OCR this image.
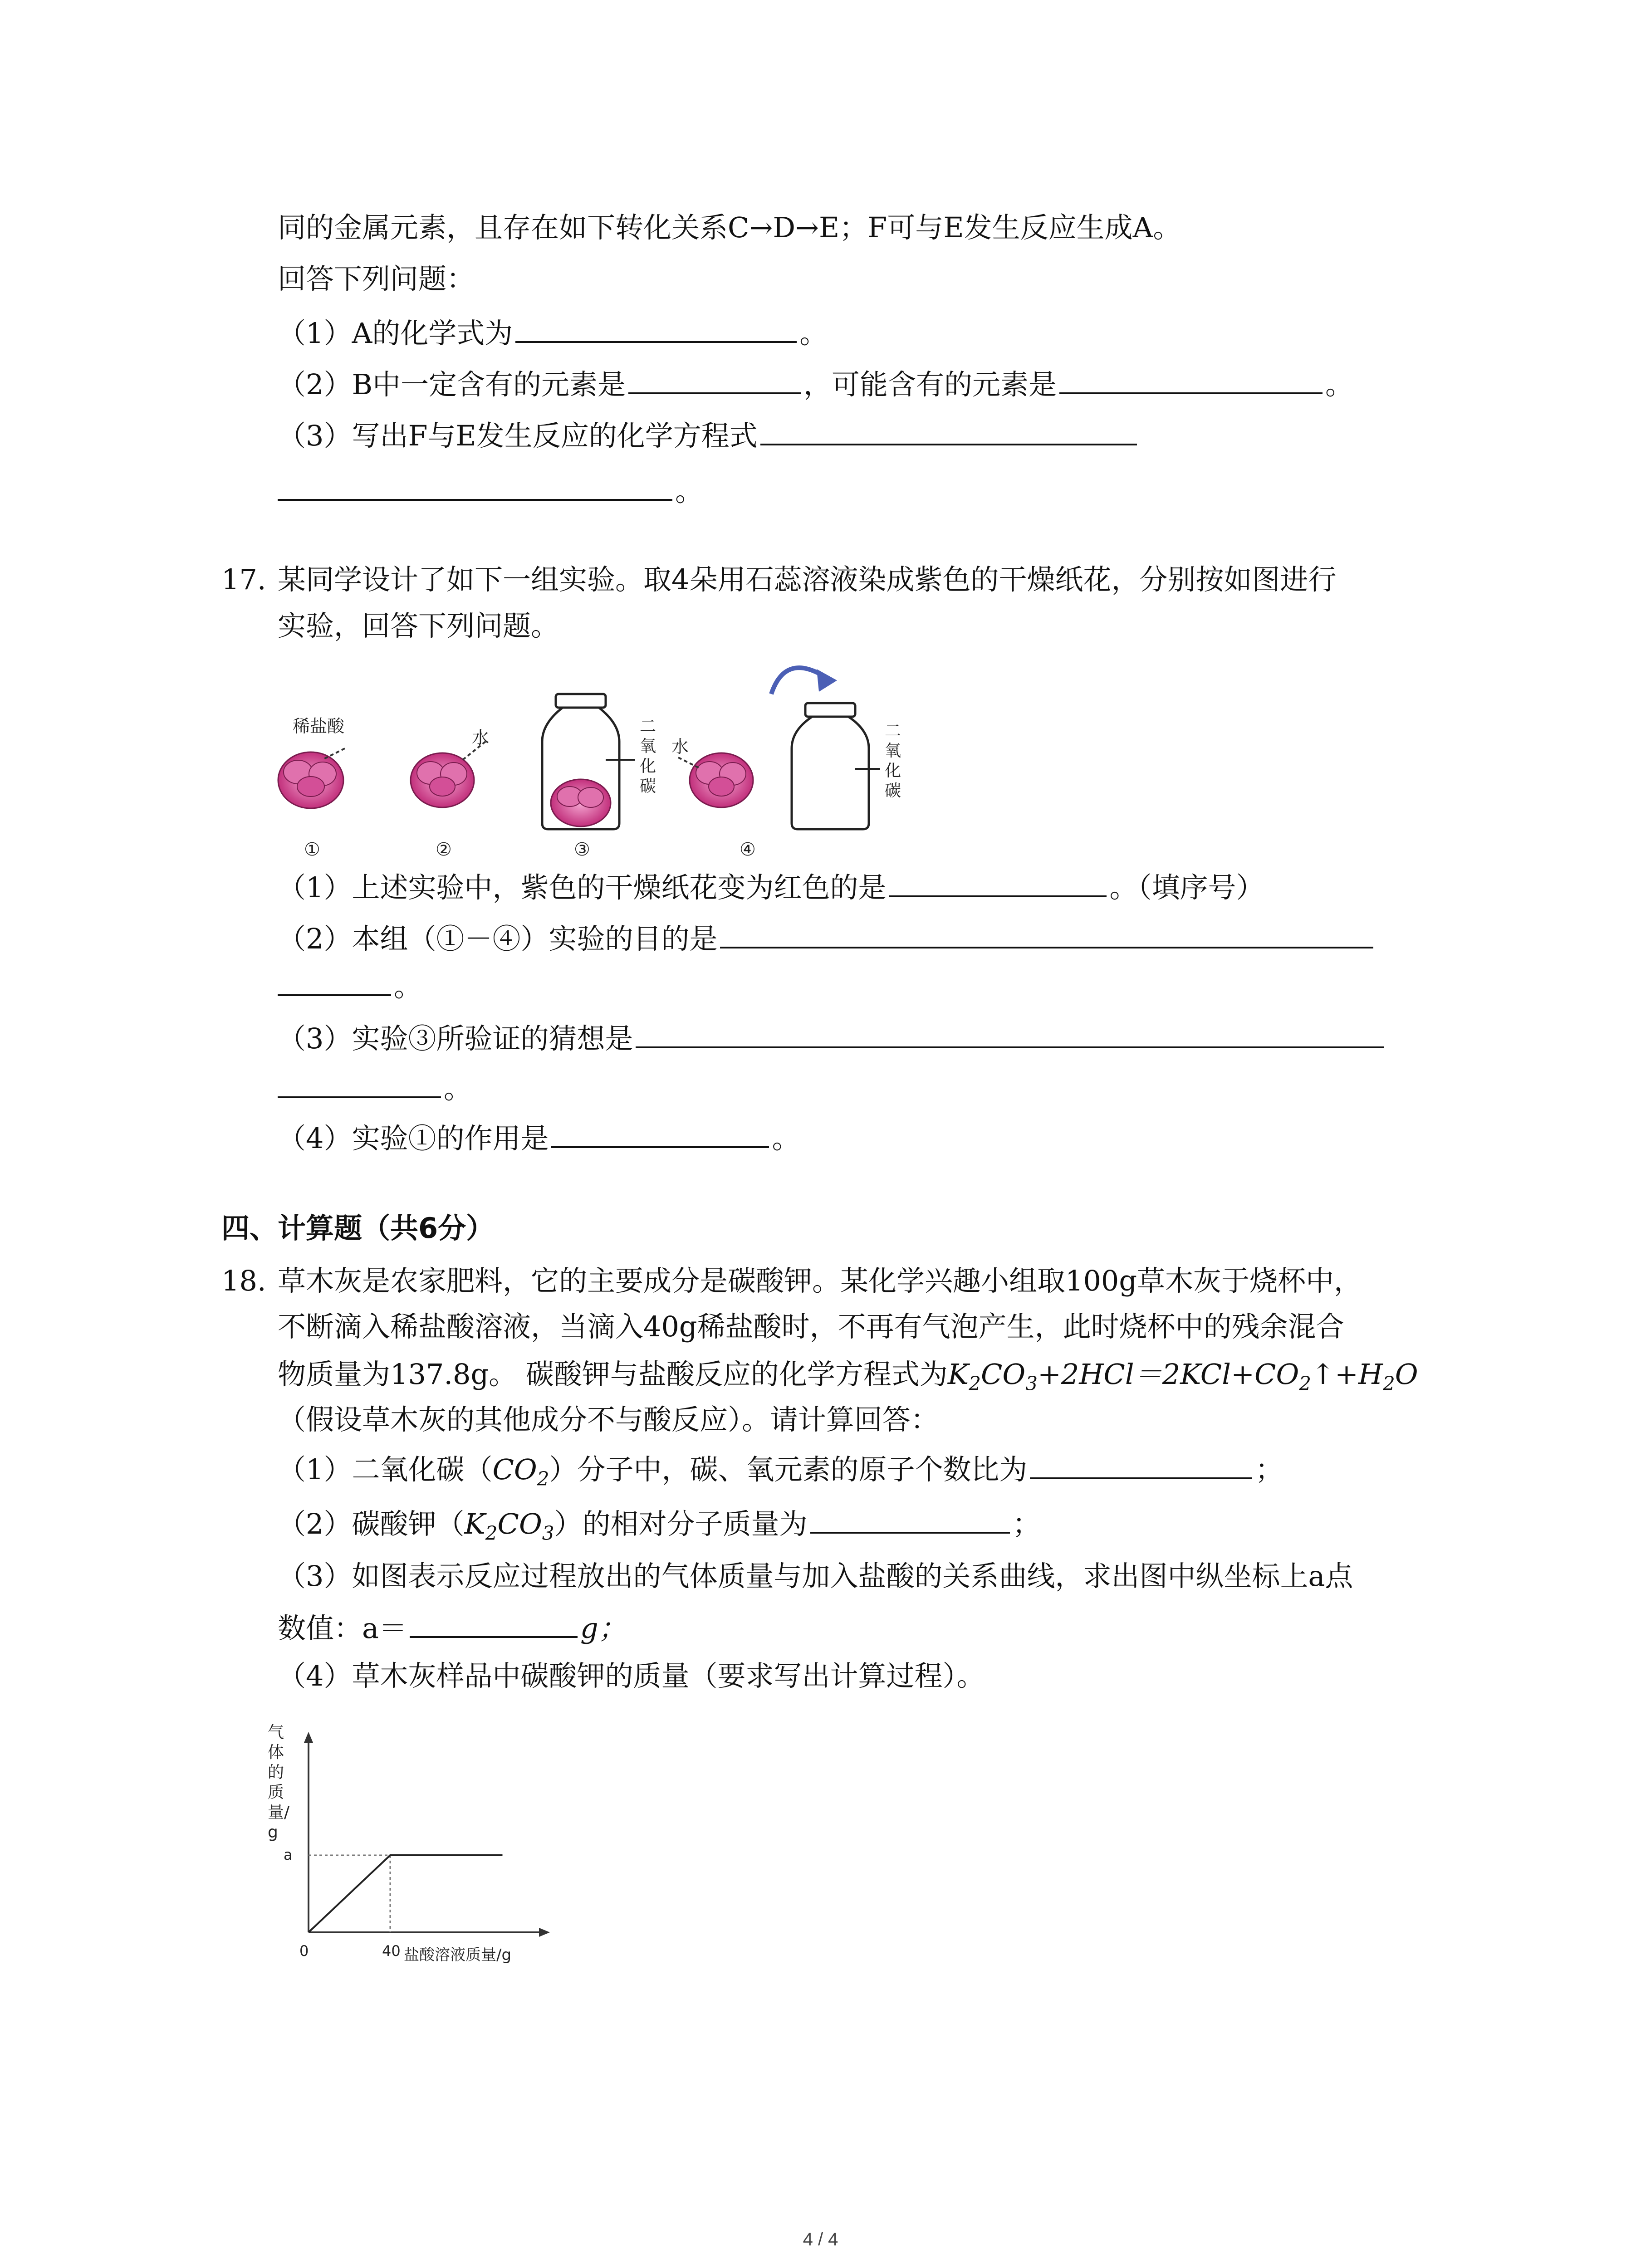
同的金属元素，且存在如下转化关系C→D→E；F可与E发生反应生成A。
回答下列问题：
（1）A的化学式为	。
（2）B中一定含有的元素是	，可能含有的元素是	。
（3）写出F与E发生反应的化学方程式
。
17. 某同学设计了如下一组实验。取4朵用石蕊溶液染成紫色的干燥纸花，分别按如图进行
实验，回答下列问题。
稀盐酸
水
二氧化碳
水
二氧化碳
①	②	③	④
（1）上述实验中，紫色的干燥纸花变为红色的是	。（填序号）
（2）本组（①－④）实验的目的是
。
（3）实验③所验证的猜想是
。
（4）实验①的作用是	。
四、计算题（共6分）
18. 草木灰是农家肥料，它的主要成分是碳酸钾。某化学兴趣小组取100g草木灰于烧杯中，
不断滴入稀盐酸溶液，当滴入40g稀盐酸时，不再有气泡产生，此时烧杯中的残余混合
物质量为137.8g。 碳酸钾与盐酸反应的化学方程式为$K_2CO_3+2HCl=2KCl+CO_2↑+H_2O$
（假设草木灰的其他成分不与酸反应）。请计算回答：
（1）二氧化碳$(CO_2)$分子中，碳、氧元素的原子个数比为	；
（2）碳酸钾$(K_2CO_3)$的相对分子质量为	；
（3）如图表示反应过程放出的气体质量与加入盐酸的关系曲线，求出图中纵坐标上a点
数值：a＝	g；
（4）草木灰样品中碳酸钾的质量（要求写出计算过程）。
气体的质量/g
a
0	40 盐酸溶液质量/g
4 / 4
